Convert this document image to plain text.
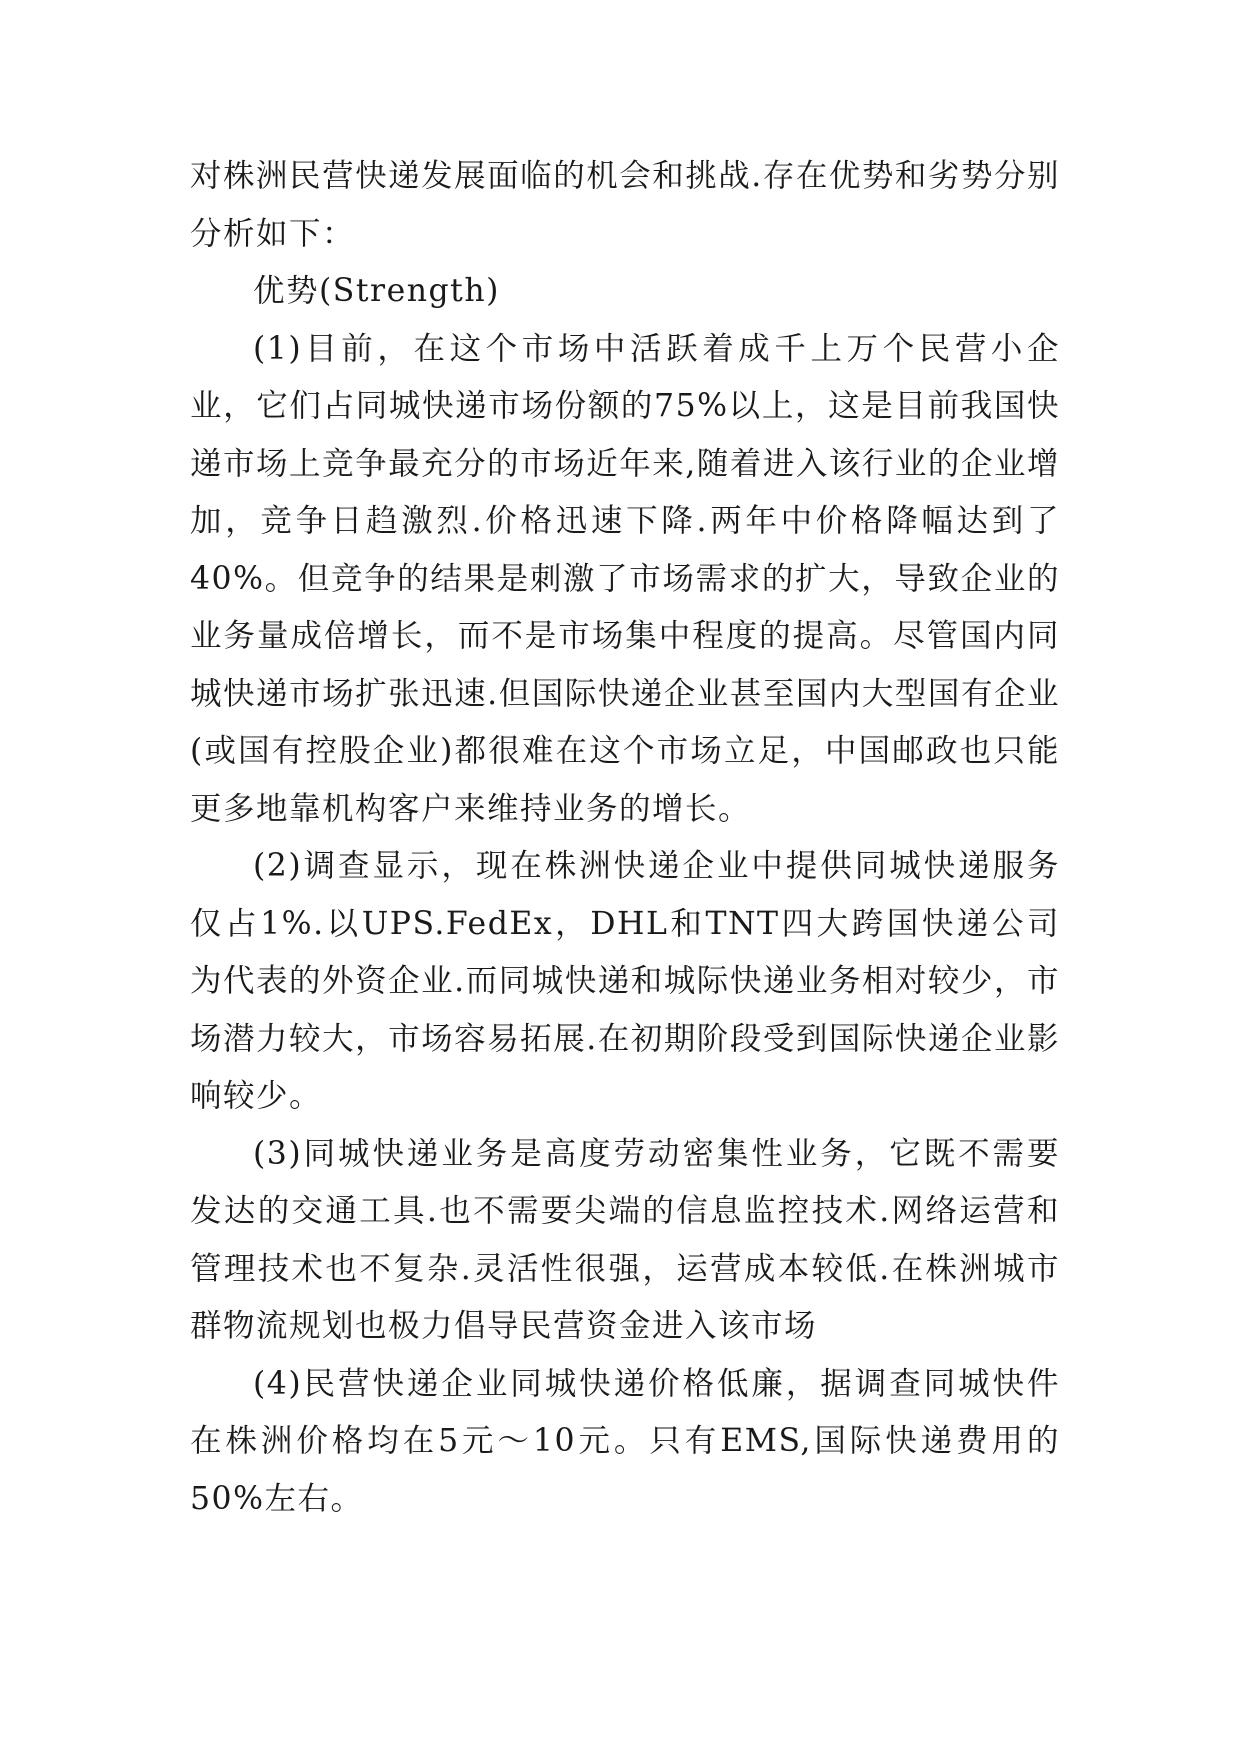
对株洲民营快递发展面临的机会和挑战.存在优势和劣势分别分析如下：

优势(Strength)

(1)目前，在这个市场中活跃着成千上万个民营小企业，它们占同城快递市场份额的75%以上，这是目前我国快递市场上竞争最充分的市场近年来,随着进入该行业的企业增加，竞争日趋激烈.价格迅速下降.两年中价格降幅达到了40%。但竞争的结果是刺激了市场需求的扩大，导致企业的业务量成倍增长，而不是市场集中程度的提高。尽管国内同城快递市场扩张迅速.但国际快递企业甚至国内大型国有企业(或国有控股企业)都很难在这个市场立足，中国邮政也只能更多地靠机构客户来维持业务的增长。

(2)调查显示，现在株洲快递企业中提供同城快递服务仅占1%.以UPS.FedEx，DHL和TNT四大跨国快递公司为代表的外资企业.而同城快递和城际快递业务相对较少，市场潜力较大，市场容易拓展.在初期阶段受到国际快递企业影响较少。

(3)同城快递业务是高度劳动密集性业务，它既不需要发达的交通工具.也不需要尖端的信息监控技术.网络运营和管理技术也不复杂.灵活性很强，运营成本较低.在株洲城市群物流规划也极力倡导民营资金进入该市场

(4)民营快递企业同城快递价格低廉，据调查同城快件在株洲价格均在5元～10元。只有EMS,国际快递费用的50%左右。
